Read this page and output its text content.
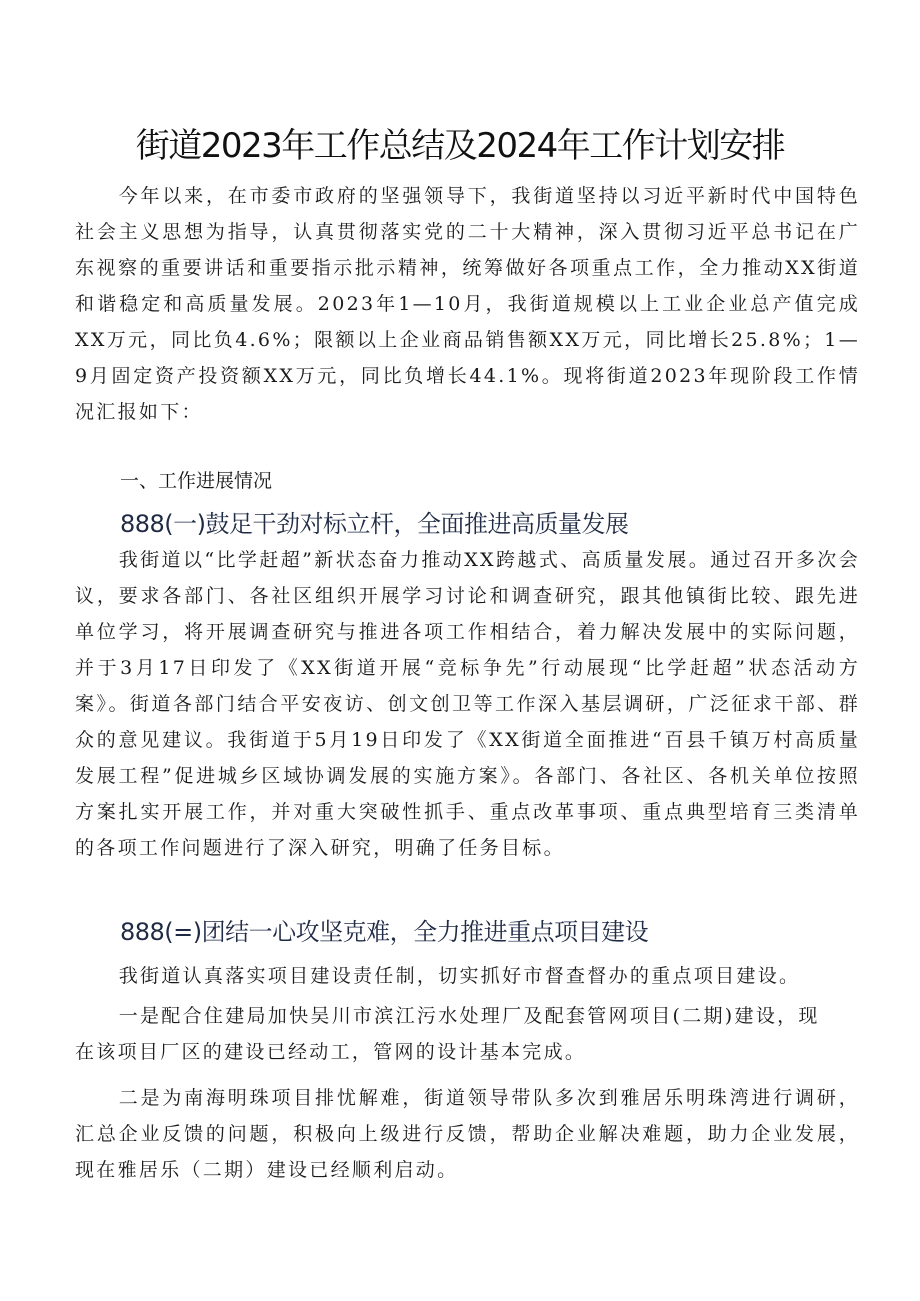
街道2023年工作总结及2024年工作计划安排

今年以来，在市委市政府的坚强领导下，我街道坚持以习近平新时代中国特色社会主义思想为指导，认真贯彻落实党的二十大精神，深入贯彻习近平总书记在广东视察的重要讲话和重要指示批示精神，统筹做好各项重点工作，全力推动XX街道和谐稳定和高质量发展。2023年1—10月，我街道规模以上工业企业总产值完成XX万元，同比负4.6%；限额以上企业商品销售额XX万元，同比增长25.8%；1—9月固定资产投资额XX万元，同比负增长44.1%。现将街道2023年现阶段工作情况汇报如下：

一、工作进展情况
888(一)鼓足干劲对标立杆，全面推进高质量发展

我街道以“比学赶超”新状态奋力推动XX跨越式、高质量发展。通过召开多次会议，要求各部门、各社区组织开展学习讨论和调查研究，跟其他镇街比较、跟先进单位学习，将开展调查研究与推进各项工作相结合，着力解决发展中的实际问题，并于3月17日印发了《XX街道开展“竞标争先”行动展现“比学赶超”状态活动方案》。街道各部门结合平安夜访、创文创卫等工作深入基层调研，广泛征求干部、群众的意见建议。我街道于5月19日印发了《XX街道全面推进“百县千镇万村高质量发展工程”促进城乡区域协调发展的实施方案》。各部门、各社区、各机关单位按照方案扎实开展工作，并对重大突破性抓手、重点改革事项、重点典型培育三类清单的各项工作问题进行了深入研究，明确了任务目标。

888(=)团结一心攻坚克难，全力推进重点项目建设

我街道认真落实项目建设责任制，切实抓好市督查督办的重点项目建设。

一是配合住建局加快吴川市滨江污水处理厂及配套管网项目(二期)建设，现
在该项目厂区的建设已经动工，管网的设计基本完成。

二是为南海明珠项目排忧解难，街道领导带队多次到雅居乐明珠湾进行调研，汇总企业反馈的问题，积极向上级进行反馈，帮助企业解决难题，助力企业发展，现在雅居乐（二期）建设已经顺利启动。
